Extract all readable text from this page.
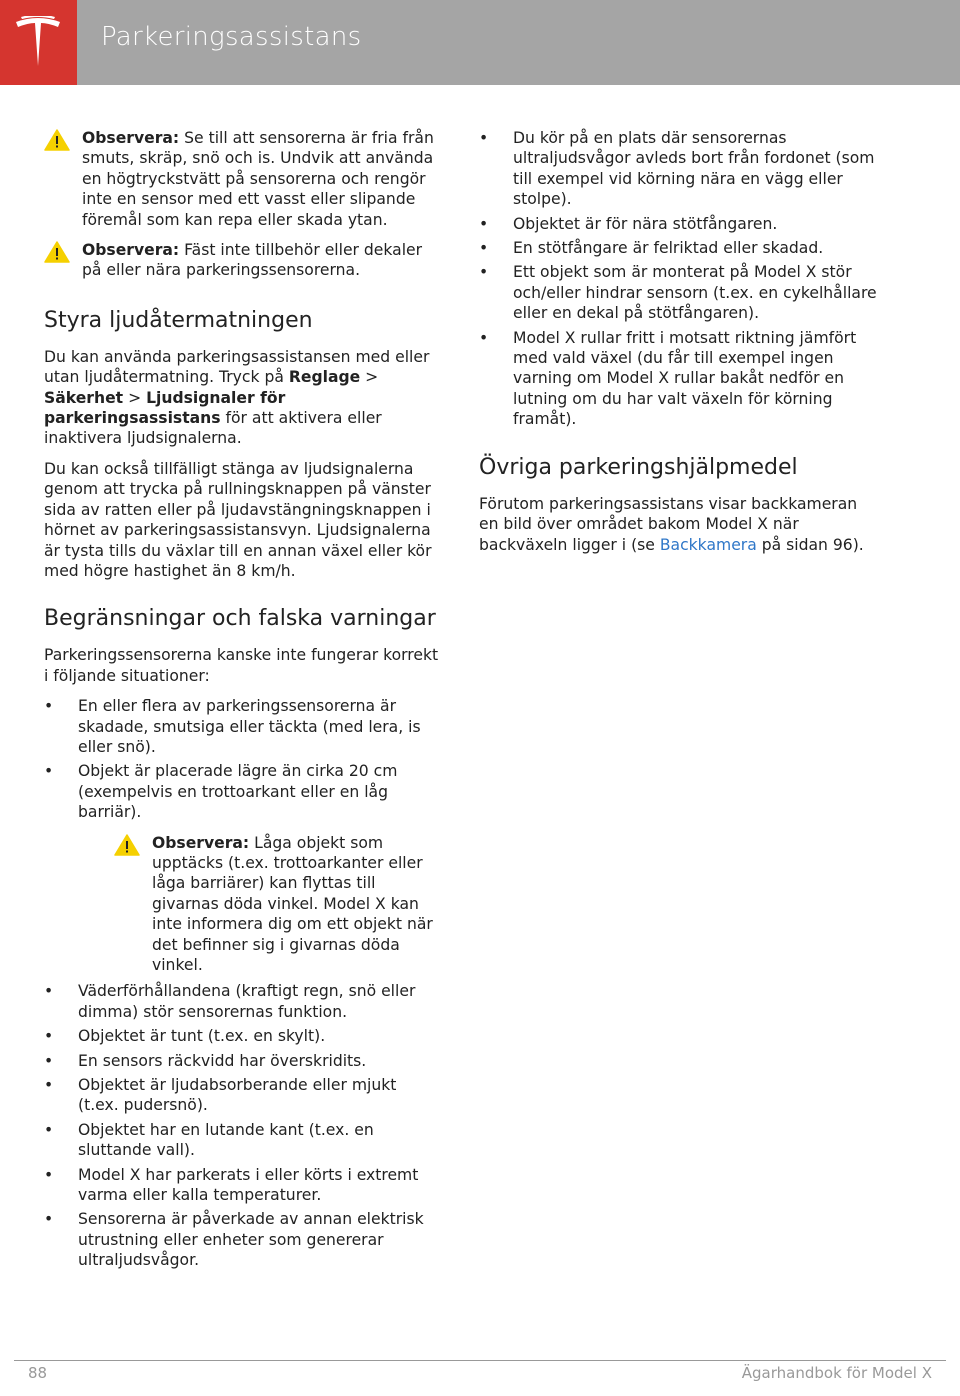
Parkeringsassistans
Observera: Se till att sensorerna är fria från smuts, skräp, snö och is. Undvik att använda en högtryckstvätt på sensorerna och rengör inte en sensor med ett vasst eller slipande föremål som kan repa eller skada ytan.
Observera: Fäst inte tillbehör eller dekaler på eller nära parkeringssensorerna.
Styra ljudåtermatningen

Du kan använda parkeringsassistansen med eller utan ljudåtermatning. Tryck på Reglage > Säkerhet > Ljudsignaler för parkeringsassistans för att aktivera eller inaktivera ljudsignalerna.

Du kan också tillfälligt stänga av ljudsignalerna genom att trycka på rullningsknappen på vänster sida av ratten eller på ljudavstängningsknappen i hörnet av parkeringsassistansvyn. Ljudsignalerna är tysta tills du växlar till en annan växel eller kör med högre hastighet än 8 km/h.

Begränsningar och falska varningar

Parkeringssensorerna kanske inte fungerar korrekt i följande situationer:

• En eller flera av parkeringssensorerna är skadade, smutsiga eller täckta (med lera, is eller snö).
• Objekt är placerade lägre än cirka 20 cm (exempelvis en trottoarkant eller en låg barriär).
Observera: Låga objekt som upptäcks (t.ex. trottoarkanter eller låga barriärer) kan flyttas till givarnas döda vinkel. Model X kan inte informera dig om ett objekt när det befinner sig i givarnas döda vinkel.
• Väderförhållandena (kraftigt regn, snö eller dimma) stör sensorernas funktion.
• Objektet är tunt (t.ex. en skylt).
• En sensors räckvidd har överskridits.
• Objektet är ljudabsorberande eller mjukt (t.ex. pudersnö).
• Objektet har en lutande kant (t.ex. en sluttande vall).
• Model X har parkerats i eller körts i extremt varma eller kalla temperaturer.
• Sensorerna är påverkade av annan elektrisk utrustning eller enheter som genererar ultraljudsvågor.
• Du kör på en plats där sensorernas ultraljudsvågor avleds bort från fordonet (som till exempel vid körning nära en vägg eller stolpe).
• Objektet är för nära stötfångaren.
• En stötfångare är felriktad eller skadad.
• Ett objekt som är monterat på Model X stör och/eller hindrar sensorn (t.ex. en cykelhållare eller en dekal på stötfångaren).
• Model X rullar fritt i motsatt riktning jämfört med vald växel (du får till exempel ingen varning om Model X rullar bakåt nedför en lutning om du har valt växeln för körning framåt).
Övriga parkeringshjälpmedel

Förutom parkeringsassistans visar backkameran en bild över området bakom Model X när backväxeln ligger i (se Backkamera på sidan 96).

88	Ägarhandbok för Model X
